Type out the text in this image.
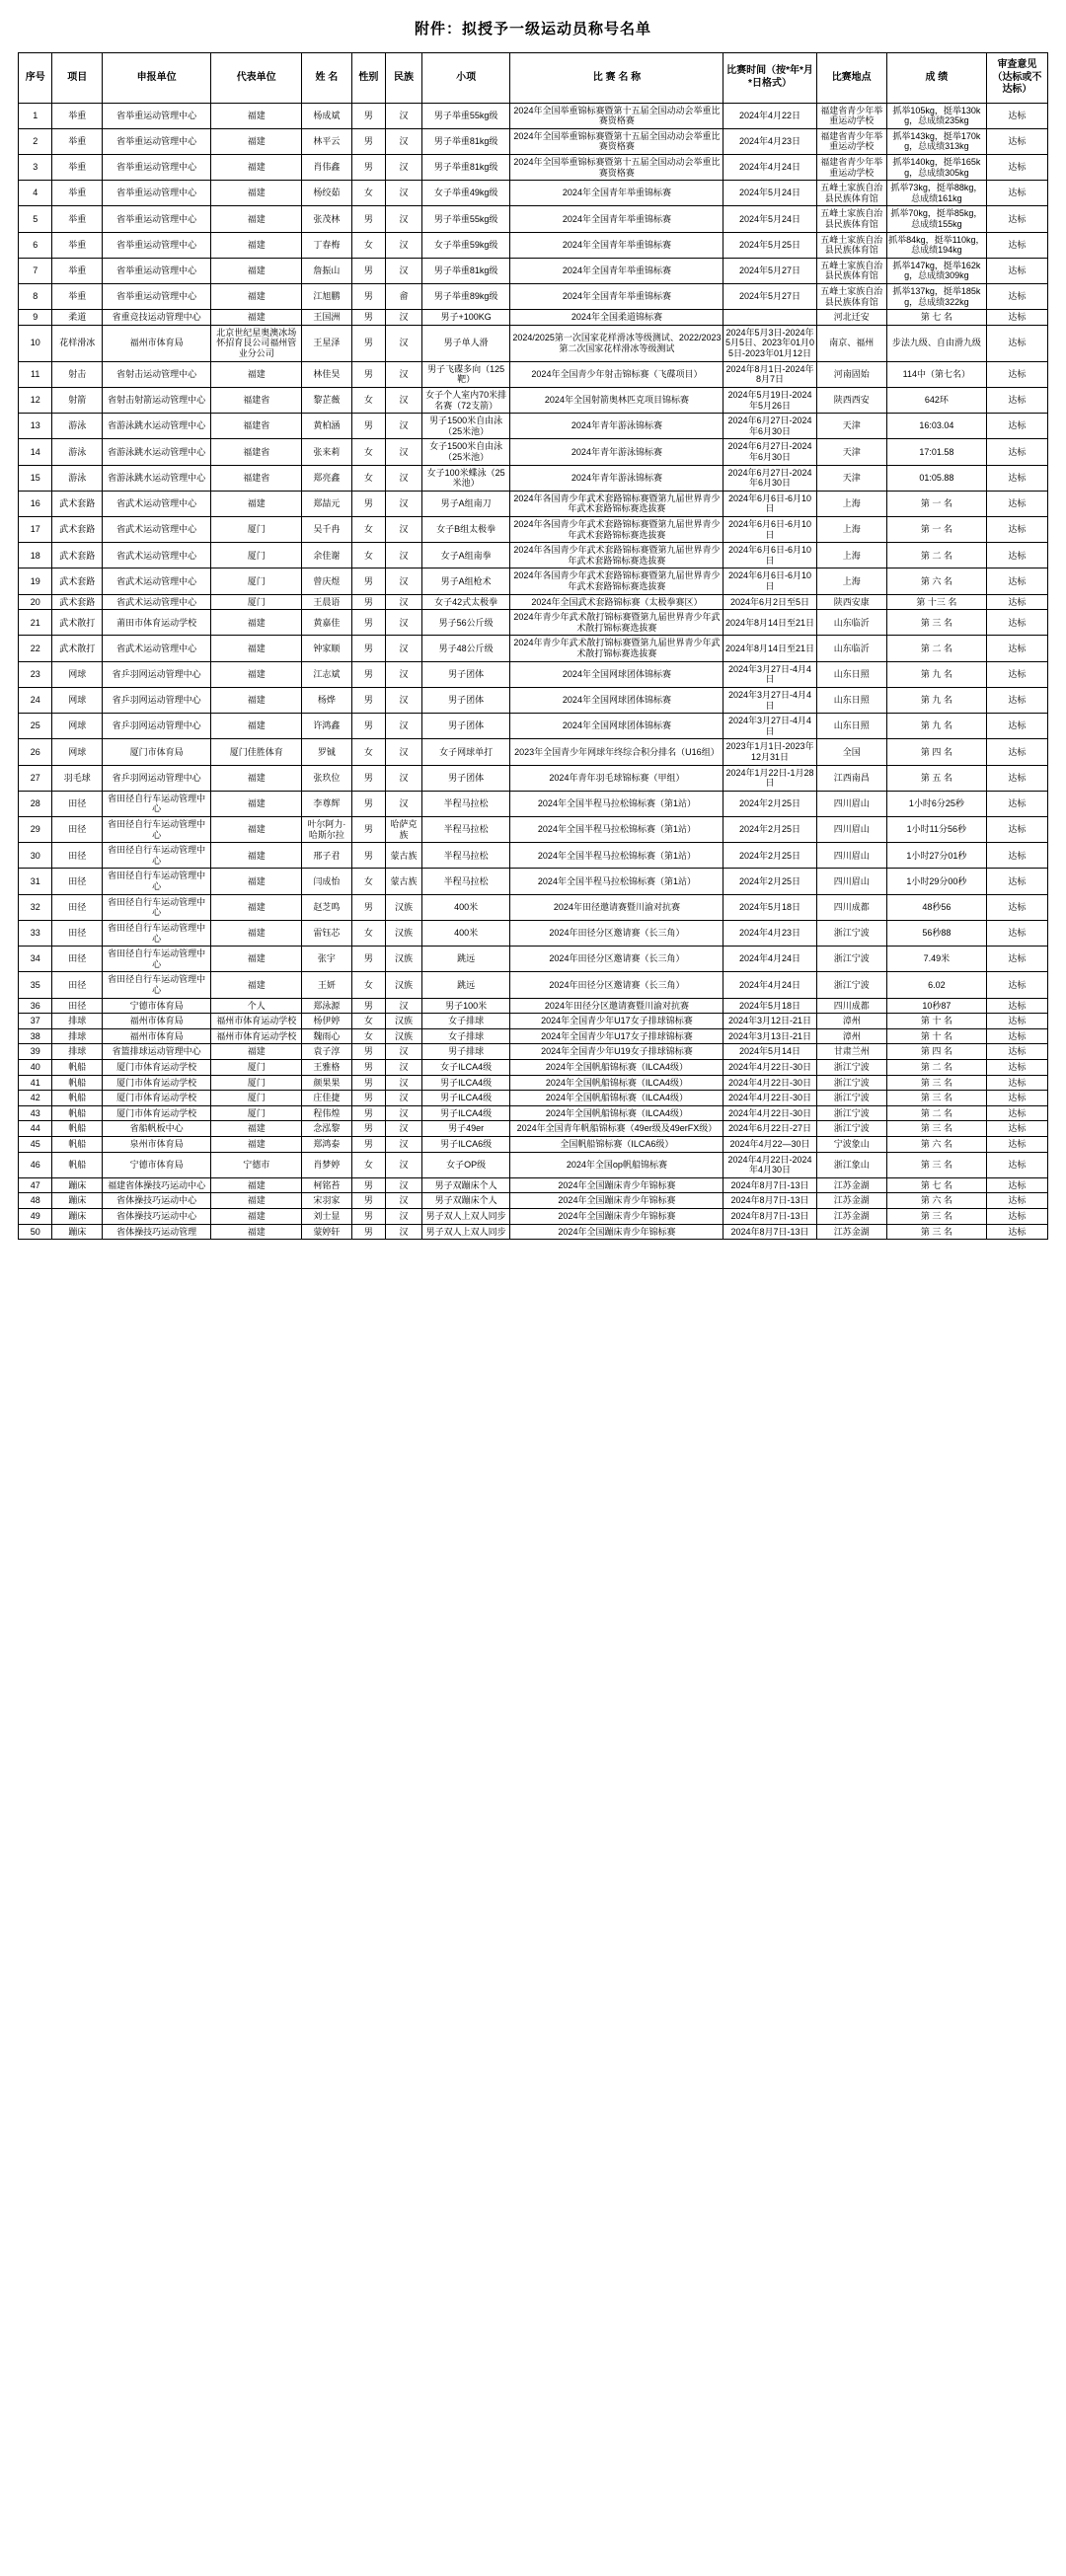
附件：拟授予一级运动员称号名单
序号	项目	申报单位	代表单位	姓 名	性别	民族	小项	比 赛 名 称	比赛时间（按*年*月*日格式）	比赛地点	成 绩	审查意见（达标或不达标）
1	举重	省举重运动管理中心	福建	杨成斌	男	汉	男子举重55kg级	2024年全国举重锦标赛暨第十五届全国动动会举重比赛资格赛	2024年4月22日	福建省青少年举重运动学校	抓举105kg，挺举130kg，总成绩235kg	达标
2	举重	省举重运动管理中心	福建	林平云	男	汉	男子举重81kg级	2024年全国举重锦标赛暨第十五届全国动动会举重比赛资格赛	2024年4月23日	福建省青少年举重运动学校	抓举143kg，挺举170kg，总成绩313kg	达标
3	举重	省举重运动管理中心	福建	肖伟鑫	男	汉	男子举重81kg级	2024年全国举重锦标赛暨第十五届全国动动会举重比赛资格赛	2024年4月24日	福建省青少年举重运动学校	抓举140kg，挺举165kg，总成绩305kg	达标
4	举重	省举重运动管理中心	福建	杨绞茹	女	汉	女子举重49kg级	2024年全国青年举重锦标赛	2024年5月24日	五峰土家族自治县民族体育馆	抓举73kg，挺举88kg，总成绩161kg	达标
5	举重	省举重运动管理中心	福建	张茂林	男	汉	男子举重55kg级	2024年全国青年举重锦标赛	2024年5月24日	五峰土家族自治县民族体育馆	抓举70kg，挺举85kg，总成绩155kg	达标
6	举重	省举重运动管理中心	福建	丁春梅	女	汉	女子举重59kg级	2024年全国青年举重锦标赛	2024年5月25日	五峰土家族自治县民族体育馆	抓举84kg，挺举110kg，总成绩194kg	达标
7	举重	省举重运动管理中心	福建	詹振山	男	汉	男子举重81kg级	2024年全国青年举重锦标赛	2024年5月27日	五峰土家族自治县民族体育馆	抓举147kg，挺举162kg，总成绩309kg	达标
8	举重	省举重运动管理中心	福建	江旭鹏	男	畲	男子举重89kg级	2024年全国青年举重锦标赛	2024年5月27日	五峰土家族自治县民族体育馆	抓举137kg，挺举185kg，总成绩322kg	达标
9	柔道	省重竞技运动管理中心	福建	王国洲	男	汉	男子+100KG	2024年全国柔道锦标赛		河北迁安	第 七 名	达标
10	花样滑冰	福州市体育局	北京世纪星奥澳冰场怀招育艮公司福州管业分公司	王星泽	男	汉	男子单人滑	2024/2025第一次国家花样滑冰等级测试、2022/2023第二次国家花样滑冰等级测试	2024年5月3日-2024年5月5日、2023年01月05日-2023年01月12日	南京、福州	步法九级、自由滑九级	达标
11	射击	省射击运动管理中心	福建	林佳昊	男	汉	男子飞碟多向（125靶）	2024年全国青少年射击锦标赛（飞碟项目）	2024年8月1日-2024年8月7日	河南固始	114中（第七名）	达标
12	射箭	省射击射箭运动管理中心	福建省	黎芷薇	女	汉	女子个人室内70米排名赛（72支箭）	2024年全国射箭奥林匹克项目锦标赛	2024年5月19日-2024年5月26日	陕西西安	642环	达标
13	游泳	省游泳跳水运动管理中心	福建省	黄柏涵	男	汉	男子1500米自由泳（25米池）	2024年青年游泳锦标赛	2024年6月27日-2024年6月30日	天津	16:03.04	达标
14	游泳	省游泳跳水运动管理中心	福建省	张来莉	女	汉	女子1500米自由泳（25米池）	2024年青年游泳锦标赛	2024年6月27日-2024年6月30日	天津	17:01.58	达标
15	游泳	省游泳跳水运动管理中心	福建省	郑亮鑫	女	汉	女子100米蝶泳（25米池）	2024年青年游泳锦标赛	2024年6月27日-2024年6月30日	天津	01:05.88	达标
16	武术套路	省武术运动管理中心	福建	郑喆元	男	汉	男子A组南刀	2024年各国青少年武术套路锦标赛暨第九届世界青少年武术套路锦标赛选拔赛	2024年6月6日-6月10日	上海	第 一 名	达标
17	武术套路	省武术运动管理中心	厦门	吴千冉	女	汉	女子B组太极拳	2024年各国青少年武术套路锦标赛暨第九届世界青少年武术套路锦标赛选拔赛	2024年6月6日-6月10日	上海	第 一 名	达标
18	武术套路	省武术运动管理中心	厦门	余佳谢	女	汉	女子A组南拳	2024年各国青少年武术套路锦标赛暨第九届世界青少年武术套路锦标赛选拔赛	2024年6月6日-6月10日	上海	第 二 名	达标
19	武术套路	省武术运动管理中心	厦门	曾庆煜	男	汉	男子A组枪术	2024年各国青少年武术套路锦标赛暨第九届世界青少年武术套路锦标赛选拔赛	2024年6月6日-6月10日	上海	第 六 名	达标
20	武术套路	省武术运动管理中心	厦门	王晨语	男	汉	女子42式太极拳	2024年全国武术套路锦标赛（太极拳赛区）	2024年6月2日至5日	陕西安康	第 十三 名	达标
21	武术散打	莆田市体育运动学校	福建	黄嘉佳	男	汉	男子56公斤级	2024年青少年武术散打锦标赛暨第九届世界青少年武术散打锦标赛选拔赛	2024年8月14日至21日	山东临沂	第 三 名	达标
22	武术散打	省武术运动管理中心	福建	钟家顺	男	汉	男子48公斤级	2024年青少年武术散打锦标赛暨第九届世界青少年武术散打锦标赛选拔赛	2024年8月14日至21日	山东临沂	第 二 名	达标
23	网球	省乒羽网运动管理中心	福建	江志斌	男	汉	男子团体	2024年全国网球团体锦标赛	2024年3月27日-4月4日	山东日照	第 九 名	达标
24	网球	省乒羽网运动管理中心	福建	杨烨	男	汉	男子团体	2024年全国网球团体锦标赛	2024年3月27日-4月4日	山东日照	第 九 名	达标
25	网球	省乒羽网运动管理中心	福建	许鸿鑫	男	汉	男子团体	2024年全国网球团体锦标赛	2024年3月27日-4月4日	山东日照	第 九 名	达标
26	网球	厦门市体育局	厦门佳胜体育	罗铖	女	汉	女子网球单打	2023年全国青少年网球年终综合积分排名（U16组）	2023年1月1日-2023年12月31日	全国	第 四 名	达标
27	羽毛球	省乒羽网运动管理中心	福建	张玖位	男	汉	男子团体	2024年青年羽毛球锦标赛（甲组）	2024年1月22日-1月28日	江西南昌	第 五 名	达标
28	田径	省田径自行车运动管理中心	福建	李尊辉	男	汉	半程马拉松	2024年全国半程马拉松锦标赛（第1站）	2024年2月25日	四川眉山	1小时6分25秒	达标
29	田径	省田径自行车运动管理中心	福建	叶尔阿力·哈斯尔拉	男	哈萨克族	半程马拉松	2024年全国半程马拉松锦标赛（第1站）	2024年2月25日	四川眉山	1小时11分56秒	达标
30	田径	省田径自行车运动管理中心	福建	邢子君	男	蒙古族	半程马拉松	2024年全国半程马拉松锦标赛（第1站）	2024年2月25日	四川眉山	1小时27分01秒	达标
31	田径	省田径自行车运动管理中心	福建	闫成怡	女	蒙古族	半程马拉松	2024年全国半程马拉松锦标赛（第1站）	2024年2月25日	四川眉山	1小时29分00秒	达标
32	田径	省田径自行车运动管理中心	福建	赵芝鸣	男	汉族	400米	2024年田径邀请赛暨川渝对抗赛	2024年5月18日	四川成都	48秒56	达标
33	田径	省田径自行车运动管理中心	福建	雷钰芯	女	汉族	400米	2024年田径分区邀请赛（长三角）	2024年4月23日	浙江宁波	56秒88	达标
34	田径	省田径自行车运动管理中心	福建	张宇	男	汉族	跳远	2024年田径分区邀请赛（长三角）	2024年4月24日	浙江宁波	7.49米	达标
35	田径	省田径自行车运动管理中心	福建	王妍	女	汉族	跳远	2024年田径分区邀请赛（长三角）	2024年4月24日	浙江宁波	6.02	达标
36	田径	宁德市体育局	个人	郑泳源	男	汉	男子100米	2024年田径分区邀请赛暨川渝对抗赛	2024年5月18日	四川成都	10秒87	达标
37	排球	福州市体育局	福州市体育运动学校	杨伊婷	女	汉族	女子排球	2024年全国青少年U17女子排球锦标赛	2024年3月12日-21日	漳州	第 十 名	达标
38	排球	福州市体育局	福州市体育运动学校	魏雨心	女	汉族	女子排球	2024年全国青少年U17女子排球锦标赛	2024年3月13日-21日	漳州	第 十 名	达标
39	排球	省篮排球运动管理中心	福建	袁子淳	男	汉	男子排球	2024年全国青少年U19女子排球锦标赛	2024年5月14日	甘肃兰州	第 四 名	达标
40	帆船	厦门市体育运动学校	厦门	王雅格	男	汉	女子ILCA4级	2024年全国帆船锦标赛（ILCA4级）	2024年4月22日-30日	浙江宁波	第 二 名	达标
41	帆船	厦门市体育运动学校	厦门	颜果果	男	汉	男子ILCA4级	2024年全国帆船锦标赛（ILCA4级）	2024年4月22日-30日	浙江宁波	第 三 名	达标
42	帆船	厦门市体育运动学校	厦门	庄佳捷	男	汉	男子ILCA4级	2024年全国帆船锦标赛（ILCA4级）	2024年4月22日-30日	浙江宁波	第 三 名	达标
43	帆船	厦门市体育运动学校	厦门	程伟煌	男	汉	男子ILCA4级	2024年全国帆船锦标赛（ILCA4级）	2024年4月22日-30日	浙江宁波	第 二 名	达标
44	帆船	省船帆板中心	福建	念泓黎	男	汉	男子49er	2024年全国青年帆船锦标赛（49er级及49erFX级）	2024年6月22日-27日	浙江宁波	第 三 名	达标
45	帆船	泉州市体育局	福建	郑鸿泰	男	汉	男子ILCA6级	全国帆船锦标赛（ILCA6级）	2024年4月22—30日	宁波象山	第 六 名	达标
46	帆船	宁德市体育局	宁德市	肖梦婷	女	汉	女子OP级	2024年全国op帆船锦标赛	2024年4月22日-2024年4月30日	浙江象山	第 三 名	达标
47	蹦床	福建省体操技巧运动中心	福建	柯铭苔	男	汉	男子双蹦床个人	2024年全国蹦床青少年锦标赛	2024年8月7日-13日	江苏金湖	第 七 名	达标
48	蹦床	省体操技巧运动中心	福建	宋羽家	男	汉	男子双蹦床个人	2024年全国蹦床青少年锦标赛	2024年8月7日-13日	江苏金湖	第 六 名	达标
49	蹦床	省体操技巧运动中心	福建	刘士显	男	汉	男子双人上双人同步	2024年全国蹦床青少年锦标赛	2024年8月7日-13日	江苏金湖	第 三 名	达标
50	蹦床	省体操技巧运动管理	福建	蒙婷轩	男	汉	男子双人上双人同步	2024年全国蹦床青少年锦标赛	2024年8月7日-13日	江苏金湖	第 三 名	达标
